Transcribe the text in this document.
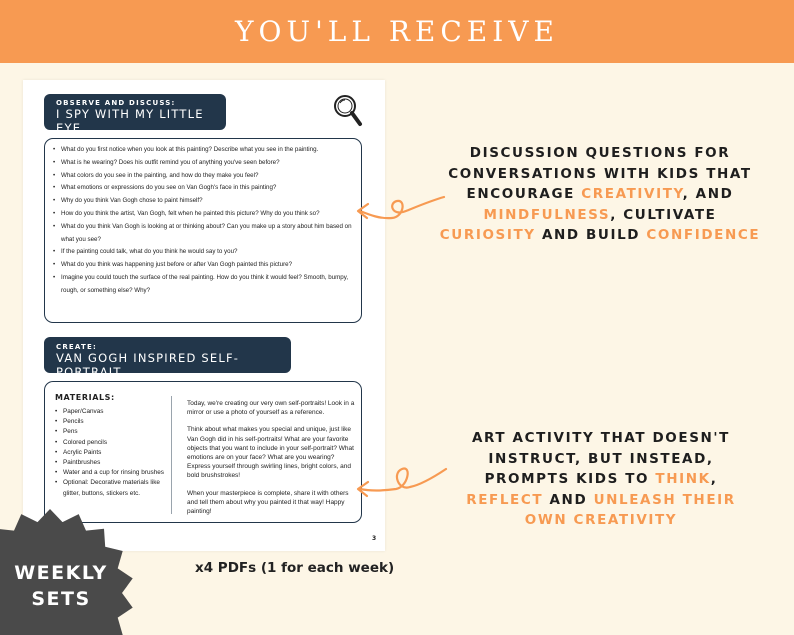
YOU'LL RECEIVE
OBSERVE AND DISCUSS:
I SPY WITH MY LITTLE EYE
• What do you first notice when you look at this painting? Describe what you see in the painting.
• What is he wearing? Does his outfit remind you of anything you've seen before?
• What colors do you see in the painting, and how do they make you feel?
• What emotions or expressions do you see on Van Gogh's face in this painting?
• Why do you think Van Gogh chose to paint himself?
• How do you think the artist, Van Gogh, felt when he painted this picture? Why do you think so?
• What do you think Van Gogh is looking at or thinking about? Can you make up a story about him based on what you see?
• If the painting could talk, what do you think he would say to you?
• What do you think was happening just before or after Van Gogh painted this picture?
• Imagine you could touch the surface of the real painting. How do you think it would feel? Smooth, bumpy, rough, or something else? Why?
CREATE:
VAN GOGH INSPIRED SELF-PORTRAIT
MATERIALS:
• Paper/Canvas
• Pencils
• Pens
• Colored pencils
• Acrylic Paints
• Paintbrushes
• Water and a cup for rinsing brushes
• Optional: Decorative materials like glitter, buttons, stickers etc.

Today, we're creating our very own self-portraits! Look in a mirror or use a photo of yourself as a reference.

Think about what makes you special and unique, just like Van Gogh did in his self-portraits! What are your favorite objects that you want to include in your self-portrait? What emotions are on your face? What are you wearing? Express yourself through swirling lines, bright colors, and bold brushstrokes!

When your masterpiece is complete, share it with others and tell them about why you painted it that way! Happy painting!

3
x4 PDFs (1 for each week)
DISCUSSION QUESTIONS FOR
CONVERSATIONS WITH KIDS THAT
ENCOURAGE CREATIVITY, AND
MINDFULNESS, CULTIVATE
CURIOSITY AND BUILD CONFIDENCE
ART ACTIVITY THAT DOESN'T
INSTRUCT, BUT INSTEAD,
PROMPTS KIDS TO THINK,
REFLECT AND UNLEASH THEIR
OWN CREATIVITY
WEEKLY
SETS
